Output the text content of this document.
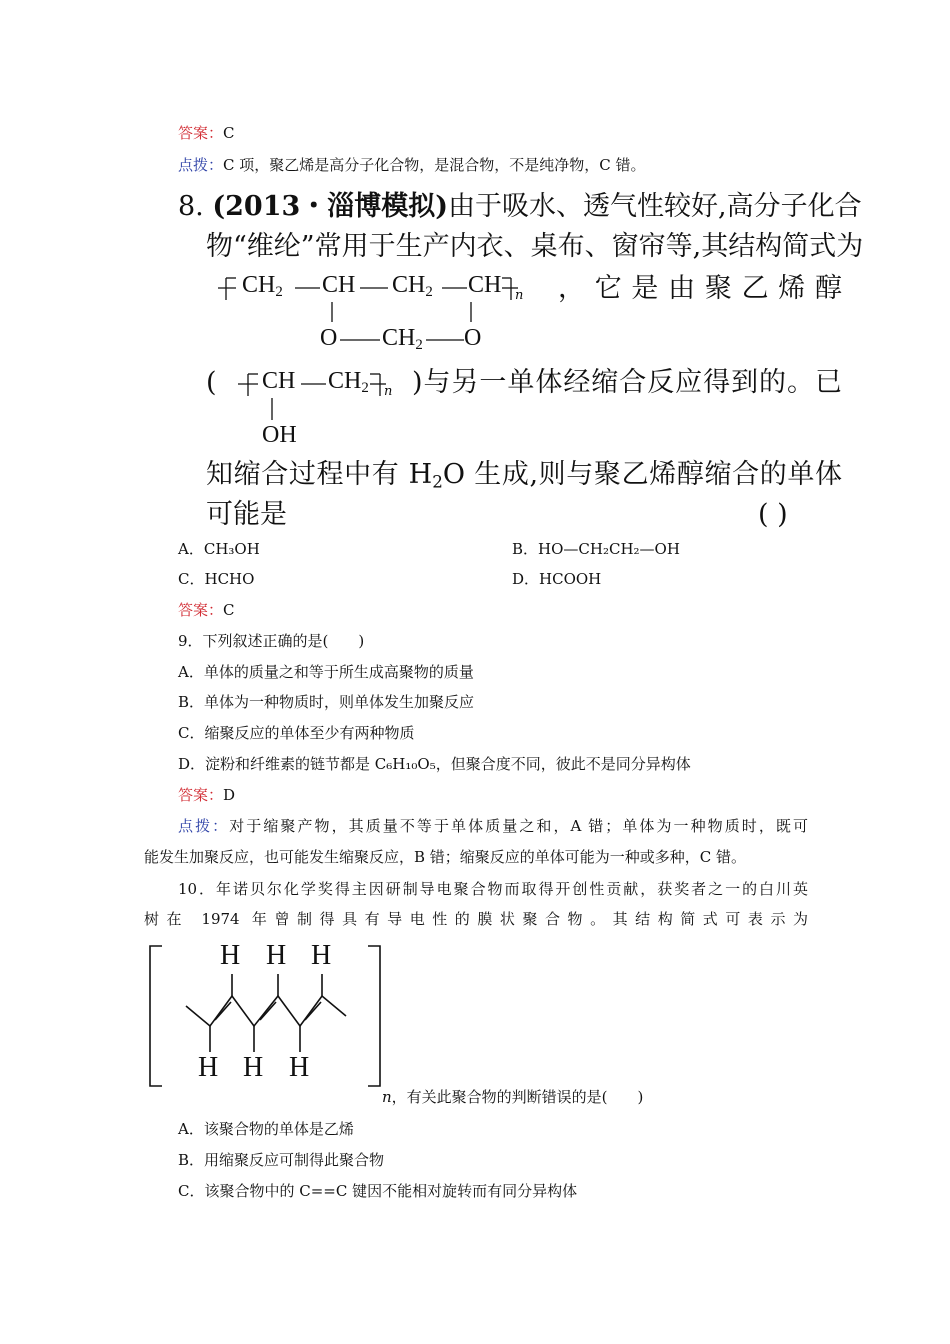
答案：C
点拨：C 项，聚乙烯是高分子化合物，是混合物，不是纯净物，C 错。
8. (2013・淄博模拟)由于吸水、透气性较好,高分子化合
物“维纶”常用于生产内衣、桌布、窗帘等,其结构简式为
$CH_2$ CH $CH_2$ CH n
O $CH_2$ O
，它是由聚乙烯醇
( CH $CH_2$ n
OH
)与另一单体经缩合反应得到的。已
知缩合过程中有 $H_2O$ 生成,则与聚乙烯醇缩合的单体
可能是	( )
A．CH₃OH	B．HO—CH₂CH₂—OH
C．HCHO	D．HCOOH
答案：C
9．下列叙述正确的是(　　)
A．单体的质量之和等于所生成高聚物的质量
B．单体为一种物质时，则单体发生加聚反应
C．缩聚反应的单体至少有两种物质
D．淀粉和纤维素的链节都是 C₆H₁₀O₅，但聚合度不同，彼此不是同分异构体
答案：D
点拨：对于缩聚产物，其质量不等于单体质量之和，A 错；单体为一种物质时，既可
能发生加聚反应，也可能发生缩聚反应，B 错；缩聚反应的单体可能为一种或多种，C 错。
10．年诺贝尔化学奖得主因研制导电聚合物而取得开创性贡献，获奖者之一的白川英
树在 1974 年曾制得具有导电性的膜状聚合物。其结构简式可表示为
H H H
H H H
n，有关此聚合物的判断错误的是(　　)
A．该聚合物的单体是乙烯
B．用缩聚反应可制得此聚合物
C．该聚合物中的 C==C 键因不能相对旋转而有同分异构体
